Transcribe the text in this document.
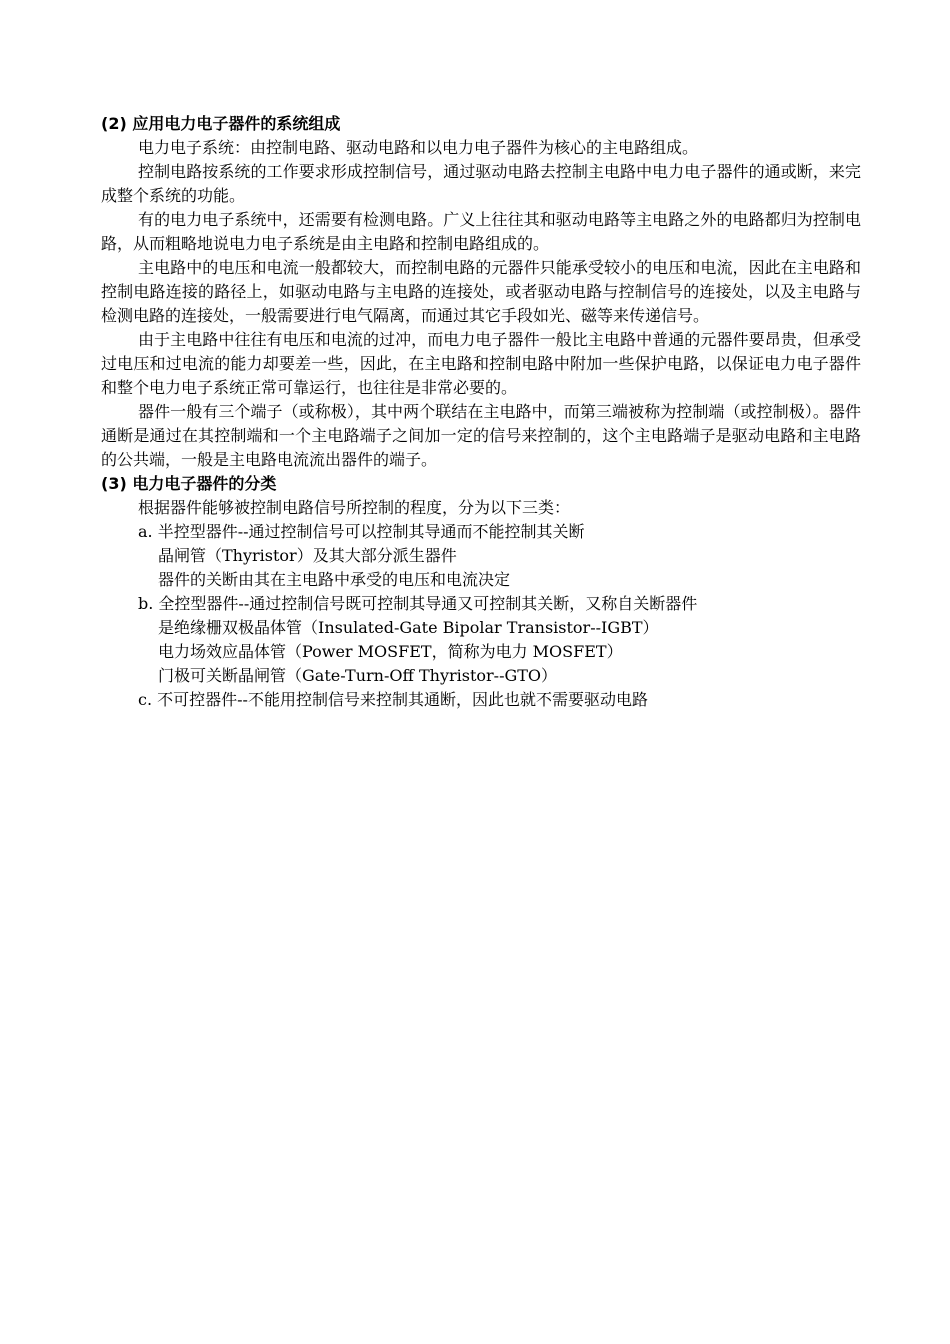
(2) 应用电力电子器件的系统组成

电力电子系统：由控制电路、驱动电路和以电力电子器件为核心的主电路组成。

控制电路按系统的工作要求形成控制信号，通过驱动电路去控制主电路中电力电子器件的通或断，来完成整个系统的功能。

有的电力电子系统中，还需要有检测电路。广义上往往其和驱动电路等主电路之外的电路都归为控制电路，从而粗略地说电力电子系统是由主电路和控制电路组成的。

主电路中的电压和电流一般都较大，而控制电路的元器件只能承受较小的电压和电流，因此在主电路和控制电路连接的路径上，如驱动电路与主电路的连接处，或者驱动电路与控制信号的连接处，以及主电路与检测电路的连接处，一般需要进行电气隔离，而通过其它手段如光、磁等来传递信号。

由于主电路中往往有电压和电流的过冲，而电力电子器件一般比主电路中普通的元器件要昂贵，但承受过电压和过电流的能力却要差一些，因此，在主电路和控制电路中附加一些保护电路，以保证电力电子器件和整个电力电子系统正常可靠运行，也往往是非常必要的。

器件一般有三个端子（或称极），其中两个联结在主电路中，而第三端被称为控制端（或控制极）。器件通断是通过在其控制端和一个主电路端子之间加一定的信号来控制的，这个主电路端子是驱动电路和主电路的公共端，一般是主电路电流流出器件的端子。

(3) 电力电子器件的分类
根据器件能够被控制电路信号所控制的程度，分为以下三类：
a. 半控型器件--通过控制信号可以控制其导通而不能控制其关断
晶闸管（Thyristor）及其大部分派生器件
器件的关断由其在主电路中承受的电压和电流决定
b. 全控型器件--通过控制信号既可控制其导通又可控制其关断，又称自关断器件
是绝缘栅双极晶体管（Insulated-Gate Bipolar Transistor--IGBT）
电力场效应晶体管（Power MOSFET，简称为电力 MOSFET）
门极可关断晶闸管（Gate-Turn-Off Thyristor--GTO）
c. 不可控器件--不能用控制信号来控制其通断，因此也就不需要驱动电路
